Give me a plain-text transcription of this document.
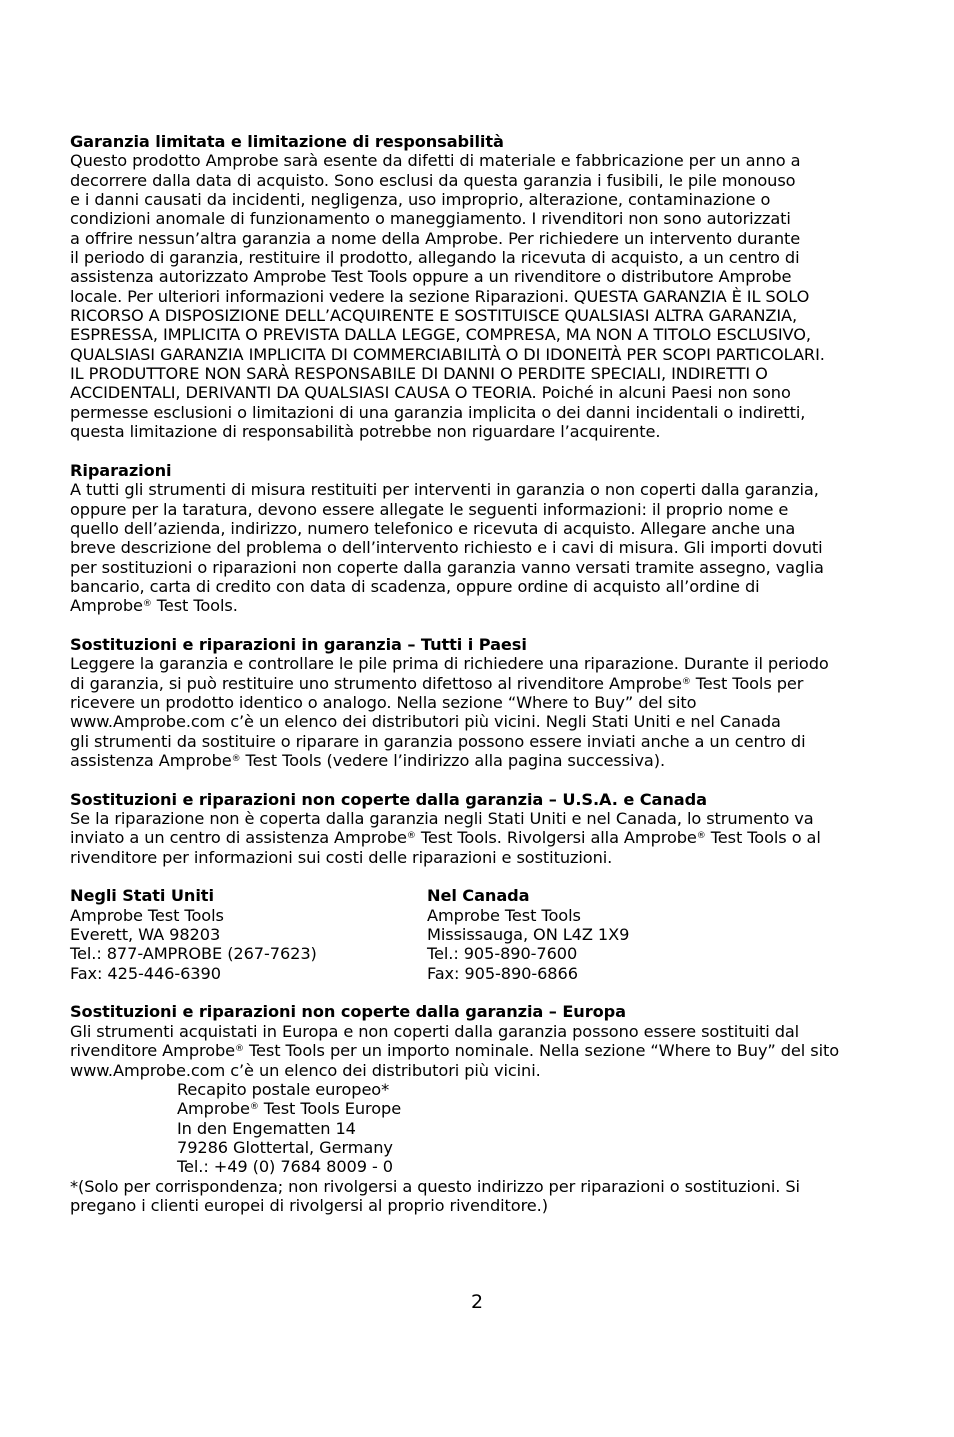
Garanzia limitata e limitazione di responsabilità
Questo prodotto Amprobe sarà esente da difetti di materiale e fabbricazione per un anno a
decorrere dalla data di acquisto. Sono esclusi da questa garanzia i fusibili, le pile monouso
e i danni causati da incidenti, negligenza, uso improprio, alterazione, contaminazione o
condizioni anomale di funzionamento o maneggiamento. I rivenditori non sono autorizzati
a offrire nessun’altra garanzia a nome della Amprobe. Per richiedere un intervento durante
il periodo di garanzia, restituire il prodotto, allegando la ricevuta di acquisto, a un centro di
assistenza autorizzato Amprobe Test Tools oppure a un rivenditore o distributore Amprobe
locale. Per ulteriori informazioni vedere la sezione Riparazioni. QUESTA GARANZIA È IL SOLO
RICORSO A DISPOSIZIONE DELL’ACQUIRENTE E SOSTITUISCE QUALSIASI ALTRA GARANZIA,
ESPRESSA, IMPLICITA O PREVISTA DALLA LEGGE, COMPRESA, MA NON A TITOLO ESCLUSIVO,
QUALSIASI GARANZIA IMPLICITA DI COMMERCIABILITÀ O DI IDONEITÀ PER SCOPI PARTICOLARI.
IL PRODUTTORE NON SARÀ RESPONSABILE DI DANNI O PERDITE SPECIALI, INDIRETTI O
ACCIDENTALI, DERIVANTI DA QUALSIASI CAUSA O TEORIA. Poiché in alcuni Paesi non sono
permesse esclusioni o limitazioni di una garanzia implicita o dei danni incidentali o indiretti,
questa limitazione di responsabilità potrebbe non riguardare l’acquirente.
Riparazioni
A tutti gli strumenti di misura restituiti per interventi in garanzia o non coperti dalla garanzia,
oppure per la taratura, devono essere allegate le seguenti informazioni: il proprio nome e
quello dell’azienda, indirizzo, numero telefonico e ricevuta di acquisto. Allegare anche una
breve descrizione del problema o dell’intervento richiesto e i cavi di misura. Gli importi dovuti
per sostituzioni o riparazioni non coperte dalla garanzia vanno versati tramite assegno, vaglia
bancario, carta di credito con data di scadenza, oppure ordine di acquisto all’ordine di
Amprobe® Test Tools.
Sostituzioni e riparazioni in garanzia – Tutti i Paesi
Leggere la garanzia e controllare le pile prima di richiedere una riparazione. Durante il periodo
di garanzia, si può restituire uno strumento difettoso al rivenditore Amprobe® Test Tools per
ricevere un prodotto identico o analogo. Nella sezione “Where to Buy” del sito
www.Amprobe.com c’è un elenco dei distributori più vicini. Negli Stati Uniti e nel Canada
gli strumenti da sostituire o riparare in garanzia possono essere inviati anche a un centro di
assistenza Amprobe® Test Tools (vedere l’indirizzo alla pagina successiva).
Sostituzioni e riparazioni non coperte dalla garanzia – U.S.A. e Canada
Se la riparazione non è coperta dalla garanzia negli Stati Uniti e nel Canada, lo strumento va
inviato a un centro di assistenza Amprobe® Test Tools. Rivolgersi alla Amprobe® Test Tools o al
rivenditore per informazioni sui costi delle riparazioni e sostituzioni.
Negli Stati Uniti
Amprobe Test Tools
Everett, WA 98203
Tel.: 877-AMPROBE (267-7623)
Fax: 425-446-6390
Nel Canada
Amprobe Test Tools
Mississauga, ON L4Z 1X9
Tel.: 905-890-7600
Fax: 905-890-6866
Sostituzioni e riparazioni non coperte dalla garanzia – Europa
Gli strumenti acquistati in Europa e non coperti dalla garanzia possono essere sostituiti dal
rivenditore Amprobe® Test Tools per un importo nominale. Nella sezione “Where to Buy” del sito
www.Amprobe.com c’è un elenco dei distributori più vicini.
Recapito postale europeo*
Amprobe® Test Tools Europe
In den Engematten 14
79286 Glottertal, Germany
Tel.: +49 (0) 7684 8009 - 0
*(Solo per corrispondenza; non rivolgersi a questo indirizzo per riparazioni o sostituzioni. Si
pregano i clienti europei di rivolgersi al proprio rivenditore.)
2
